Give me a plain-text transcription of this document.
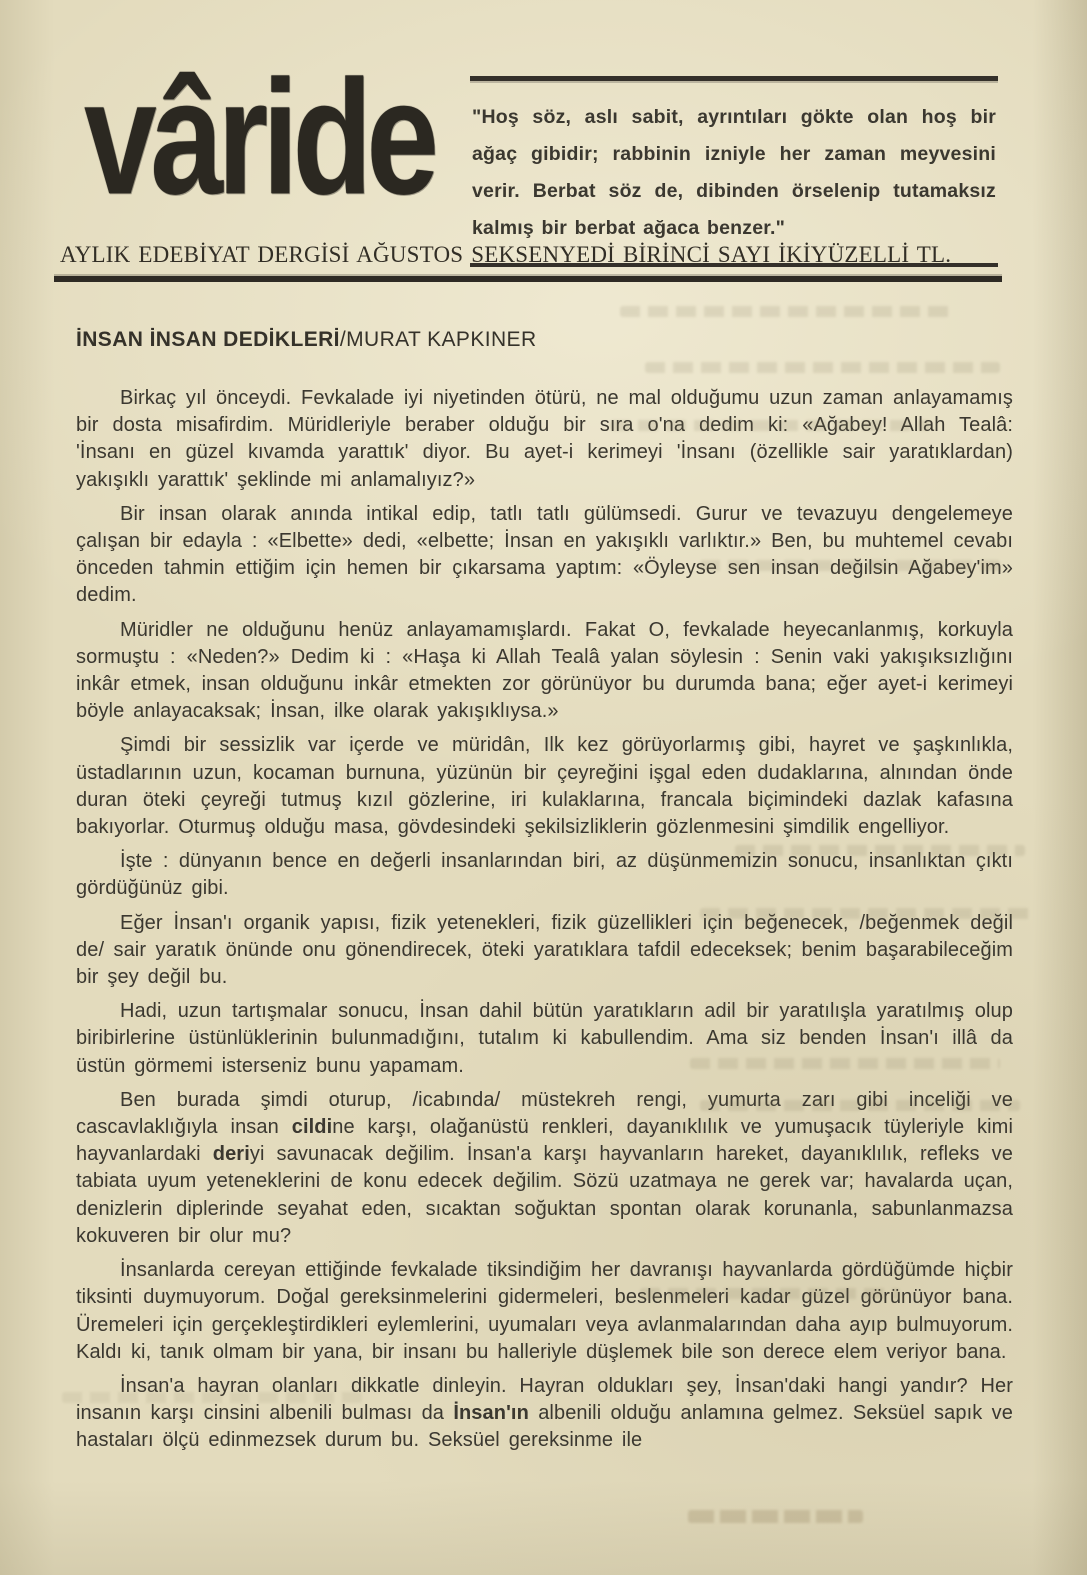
vâride "Hoş söz, aslı sabit, ayrıntıları gökte olan hoş bir ağaç gibidir; rabbinin izniyle her zaman meyvesini verir. Berbat söz de, dibinden örselenip tutamaksız kalmış bir berbat ağaca benzer."

AYLIK EDEBİYAT DERGİSİ AĞUSTOS SEKSENYEDİ BİRİNCİ SAYI İKİYÜZELLİ TL.
İNSAN İNSAN DEDİKLERİ/MURAT KAPKINER

Birkaç yıl önceydi. Fevkalade iyi niyetinden ötürü, ne mal olduğumu uzun zaman anlayamamış bir dosta misafirdim. Müridleriyle beraber olduğu bir sıra o'na dedim ki: «Ağabey! Allah Tealâ: 'İnsanı en güzel kıvamda yarattık' diyor. Bu ayet-i kerimeyi 'İnsanı (özellikle sair yaratıklardan) yakışıklı yarattık' şeklinde mi anlamalıyız?»

Bir insan olarak anında intikal edip, tatlı tatlı gülümsedi. Gurur ve tevazuyu dengelemeye çalışan bir edayla : «Elbette» dedi, «elbette; İnsan en yakışıklı varlıktır.» Ben, bu muhtemel cevabı önceden tahmin ettiğim için hemen bir çıkarsama yaptım: «Öyleyse sen insan değilsin Ağabey'im» dedim.

Müridler ne olduğunu henüz anlayamamışlardı. Fakat O, fevkalade heyecanlanmış, korkuyla sormuştu : «Neden?» Dedim ki : «Haşa ki Allah Tealâ yalan söylesin : Senin vaki yakışıksızlığını inkâr etmek, insan olduğunu inkâr etmekten zor görünüyor bu durumda bana; eğer ayet-i kerimeyi böyle anlayacaksak; İnsan, ilke olarak yakışıklıysa.»

Şimdi bir sessizlik var içerde ve müridân, Ilk kez görüyorlarmış gibi, hayret ve şaşkınlıkla, üstadlarının uzun, kocaman burnuna, yüzünün bir çeyreğini işgal eden dudaklarına, alnından önde duran öteki çeyreği tutmuş kızıl gözlerine, iri kulaklarına, francala biçimindeki dazlak kafasına bakıyorlar. Oturmuş olduğu masa, gövdesindeki şekilsizliklerin gözlenmesini şimdilik engelliyor.

İşte : dünyanın bence en değerli insanlarından biri, az düşünmemizin sonucu, insanlıktan çıktı gördüğünüz gibi.

Eğer İnsan'ı organik yapısı, fizik yetenekleri, fizik güzellikleri için beğenecek, /beğenmek değil de/ sair yaratık önünde onu gönendirecek, öteki yaratıklara tafdil edeceksek; benim başarabileceğim bir şey değil bu.

Hadi, uzun tartışmalar sonucu, İnsan dahil bütün yaratıkların adil bir yaratılışla yaratılmış olup biribirlerine üstünlüklerinin bulunmadığını, tutalım ki kabullendim. Ama siz benden İnsan'ı illâ da üstün görmemi isterseniz bunu yapamam.

Ben burada şimdi oturup, /icabında/ müstekreh rengi, yumurta zarı gibi inceliği ve cascavlaklığıyla insan cildine karşı, olağanüstü renkleri, dayanıklılık ve yumuşacık tüyleriyle kimi hayvanlardaki deriyi savunacak değilim. İnsan'a karşı hayvanların hareket, dayanıklılık, refleks ve tabiata uyum yeteneklerini de konu edecek değilim. Sözü uzatmaya ne gerek var; havalarda uçan, denizlerin diplerinde seyahat eden, sıcaktan soğuktan spontan olarak korunanla, sabunlanmazsa kokuveren bir olur mu?

İnsanlarda cereyan ettiğinde fevkalade tiksindiğim her davranışı hayvanlarda gördüğümde hiçbir tiksinti duymuyorum. Doğal gereksinmelerini gidermeleri, beslenmeleri kadar güzel görünüyor bana. Üremeleri için gerçekleştirdikleri eylemlerini, uyumaları veya avlanmalarından daha ayıp bulmuyorum. Kaldı ki, tanık olmam bir yana, bir insanı bu halleriyle düşlemek bile son derece elem veriyor bana.

İnsan'a hayran olanları dikkatle dinleyin. Hayran oldukları şey, İnsan'daki hangi yandır? Her insanın karşı cinsini albenili bulması da İnsan'ın albenili olduğu anlamına gelmez. Seksüel sapık ve hastaları ölçü edinmezsek durum bu. Seksüel gereksinme ile
